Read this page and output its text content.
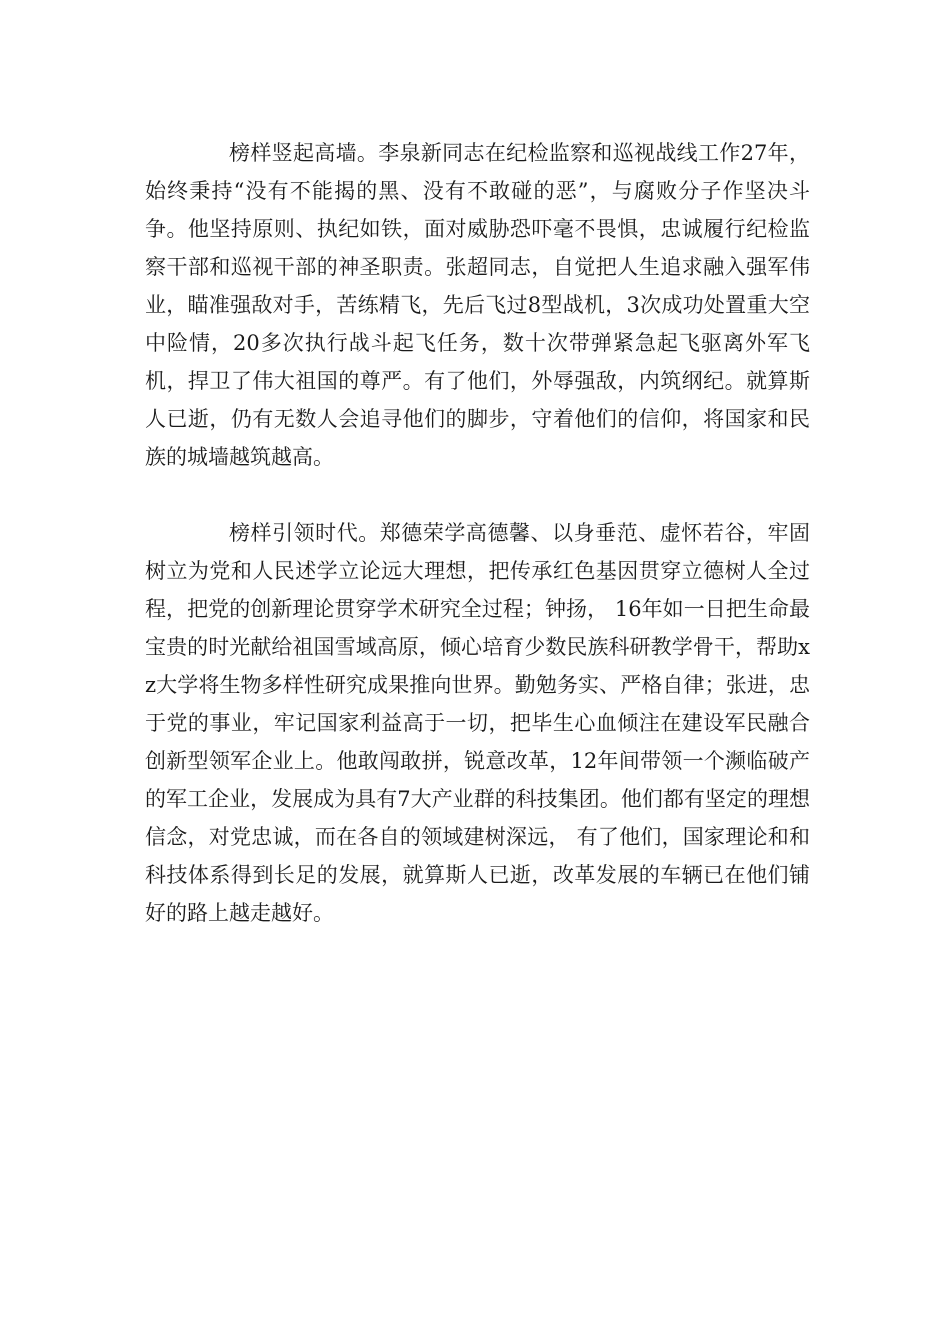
榜样竖起高墙。李泉新同志在纪检监察和巡视战线工作27年，始终秉持“没有不能揭的黑、没有不敢碰的恶”，与腐败分子作坚决斗争。他坚持原则、执纪如铁，面对威胁恐吓毫不畏惧，忠诚履行纪检监察干部和巡视干部的神圣职责。张超同志，自觉把人生追求融入强军伟业，瞄准强敌对手，苦练精飞，先后飞过8型战机，3次成功处置重大空中险情，20多次执行战斗起飞任务，数十次带弹紧急起飞驱离外军飞机，捍卫了伟大祖国的尊严。有了他们，外辱强敌，内筑纲纪。就算斯人已逝，仍有无数人会追寻他们的脚步，守着他们的信仰，将国家和民族的城墙越筑越高。

榜样引领时代。郑德荣学高德馨、以身垂范、虚怀若谷，牢固树立为党和人民述学立论远大理想，把传承红色基因贯穿立德树人全过程，把党的创新理论贯穿学术研究全过程；钟扬， 16年如一日把生命最宝贵的时光献给祖国雪域高原，倾心培育少数民族科研教学骨干，帮助xz大学将生物多样性研究成果推向世界。勤勉务实、严格自律；张进，忠于党的事业，牢记国家利益高于一切，把毕生心血倾注在建设军民融合创新型领军企业上。他敢闯敢拼，锐意改革，12年间带领一个濒临破产的军工企业，发展成为具有7大产业群的科技集团。他们都有坚定的理想信念，对党忠诚，而在各自的领域建树深远， 有了他们，国家理论和和科技体系得到长足的发展，就算斯人已逝，改革发展的车辆已在他们铺好的路上越走越好。
